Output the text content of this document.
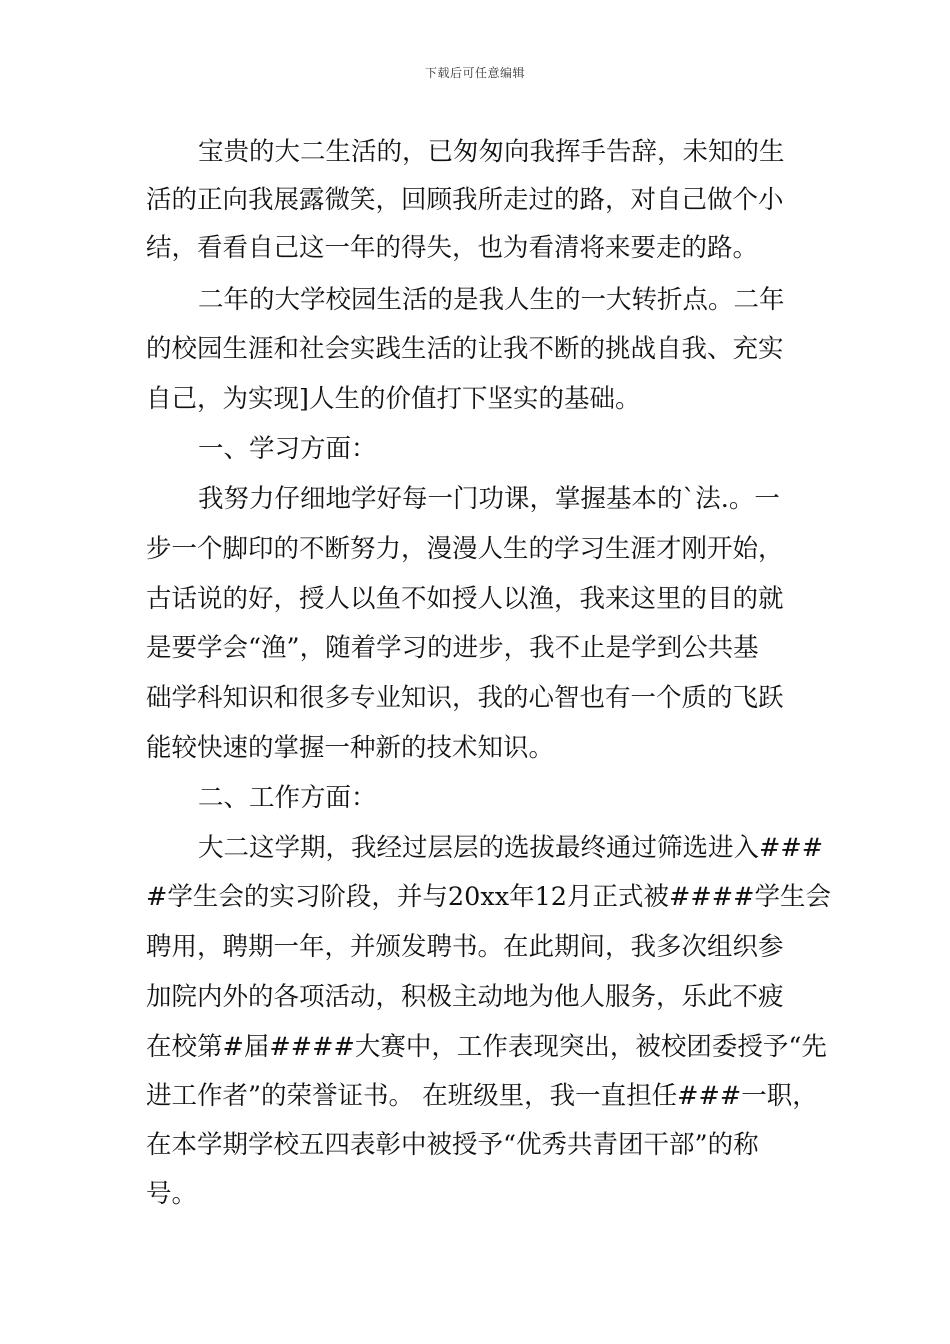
下载后可任意编辑
宝贵的大二生活的，已匆匆向我挥手告辞，未知的生
活的正向我展露微笑，回顾我所走过的路，对自己做个小
结，看看自己这一年的得失，也为看清将来要走的路。
二年的大学校园生活的是我人生的一大转折点。二年
的校园生涯和社会实践生活的让我不断的挑战自我、充实
自己，为实现]人生的价值打下坚实的基础。
一、学习方面：
我努力仔细地学好每一门功课，掌握基本的`法.。一
步一个脚印的不断努力，漫漫人生的学习生涯才刚开始，
古话说的好，授人以鱼不如授人以渔，我来这里的目的就
是要学会“渔”，随着学习的进步，我不止是学到公共基
础学科知识和很多专业知识，我的心智也有一个质的飞跃
能较快速的掌握一种新的技术知识。
二、工作方面：
大二这学期，我经过层层的选拔最终通过筛选进入###
#学生会的实习阶段，并与20xx年12月正式被####学生会
聘用，聘期一年，并颁发聘书。在此期间，我多次组织参
加院内外的各项活动，积极主动地为他人服务，乐此不疲
在校第#届####大赛中，工作表现突出，被校团委授予“先
进工作者”的荣誉证书。 在班级里，我一直担任###一职，
在本学期学校五四表彰中被授予“优秀共青团干部”的称
号。
